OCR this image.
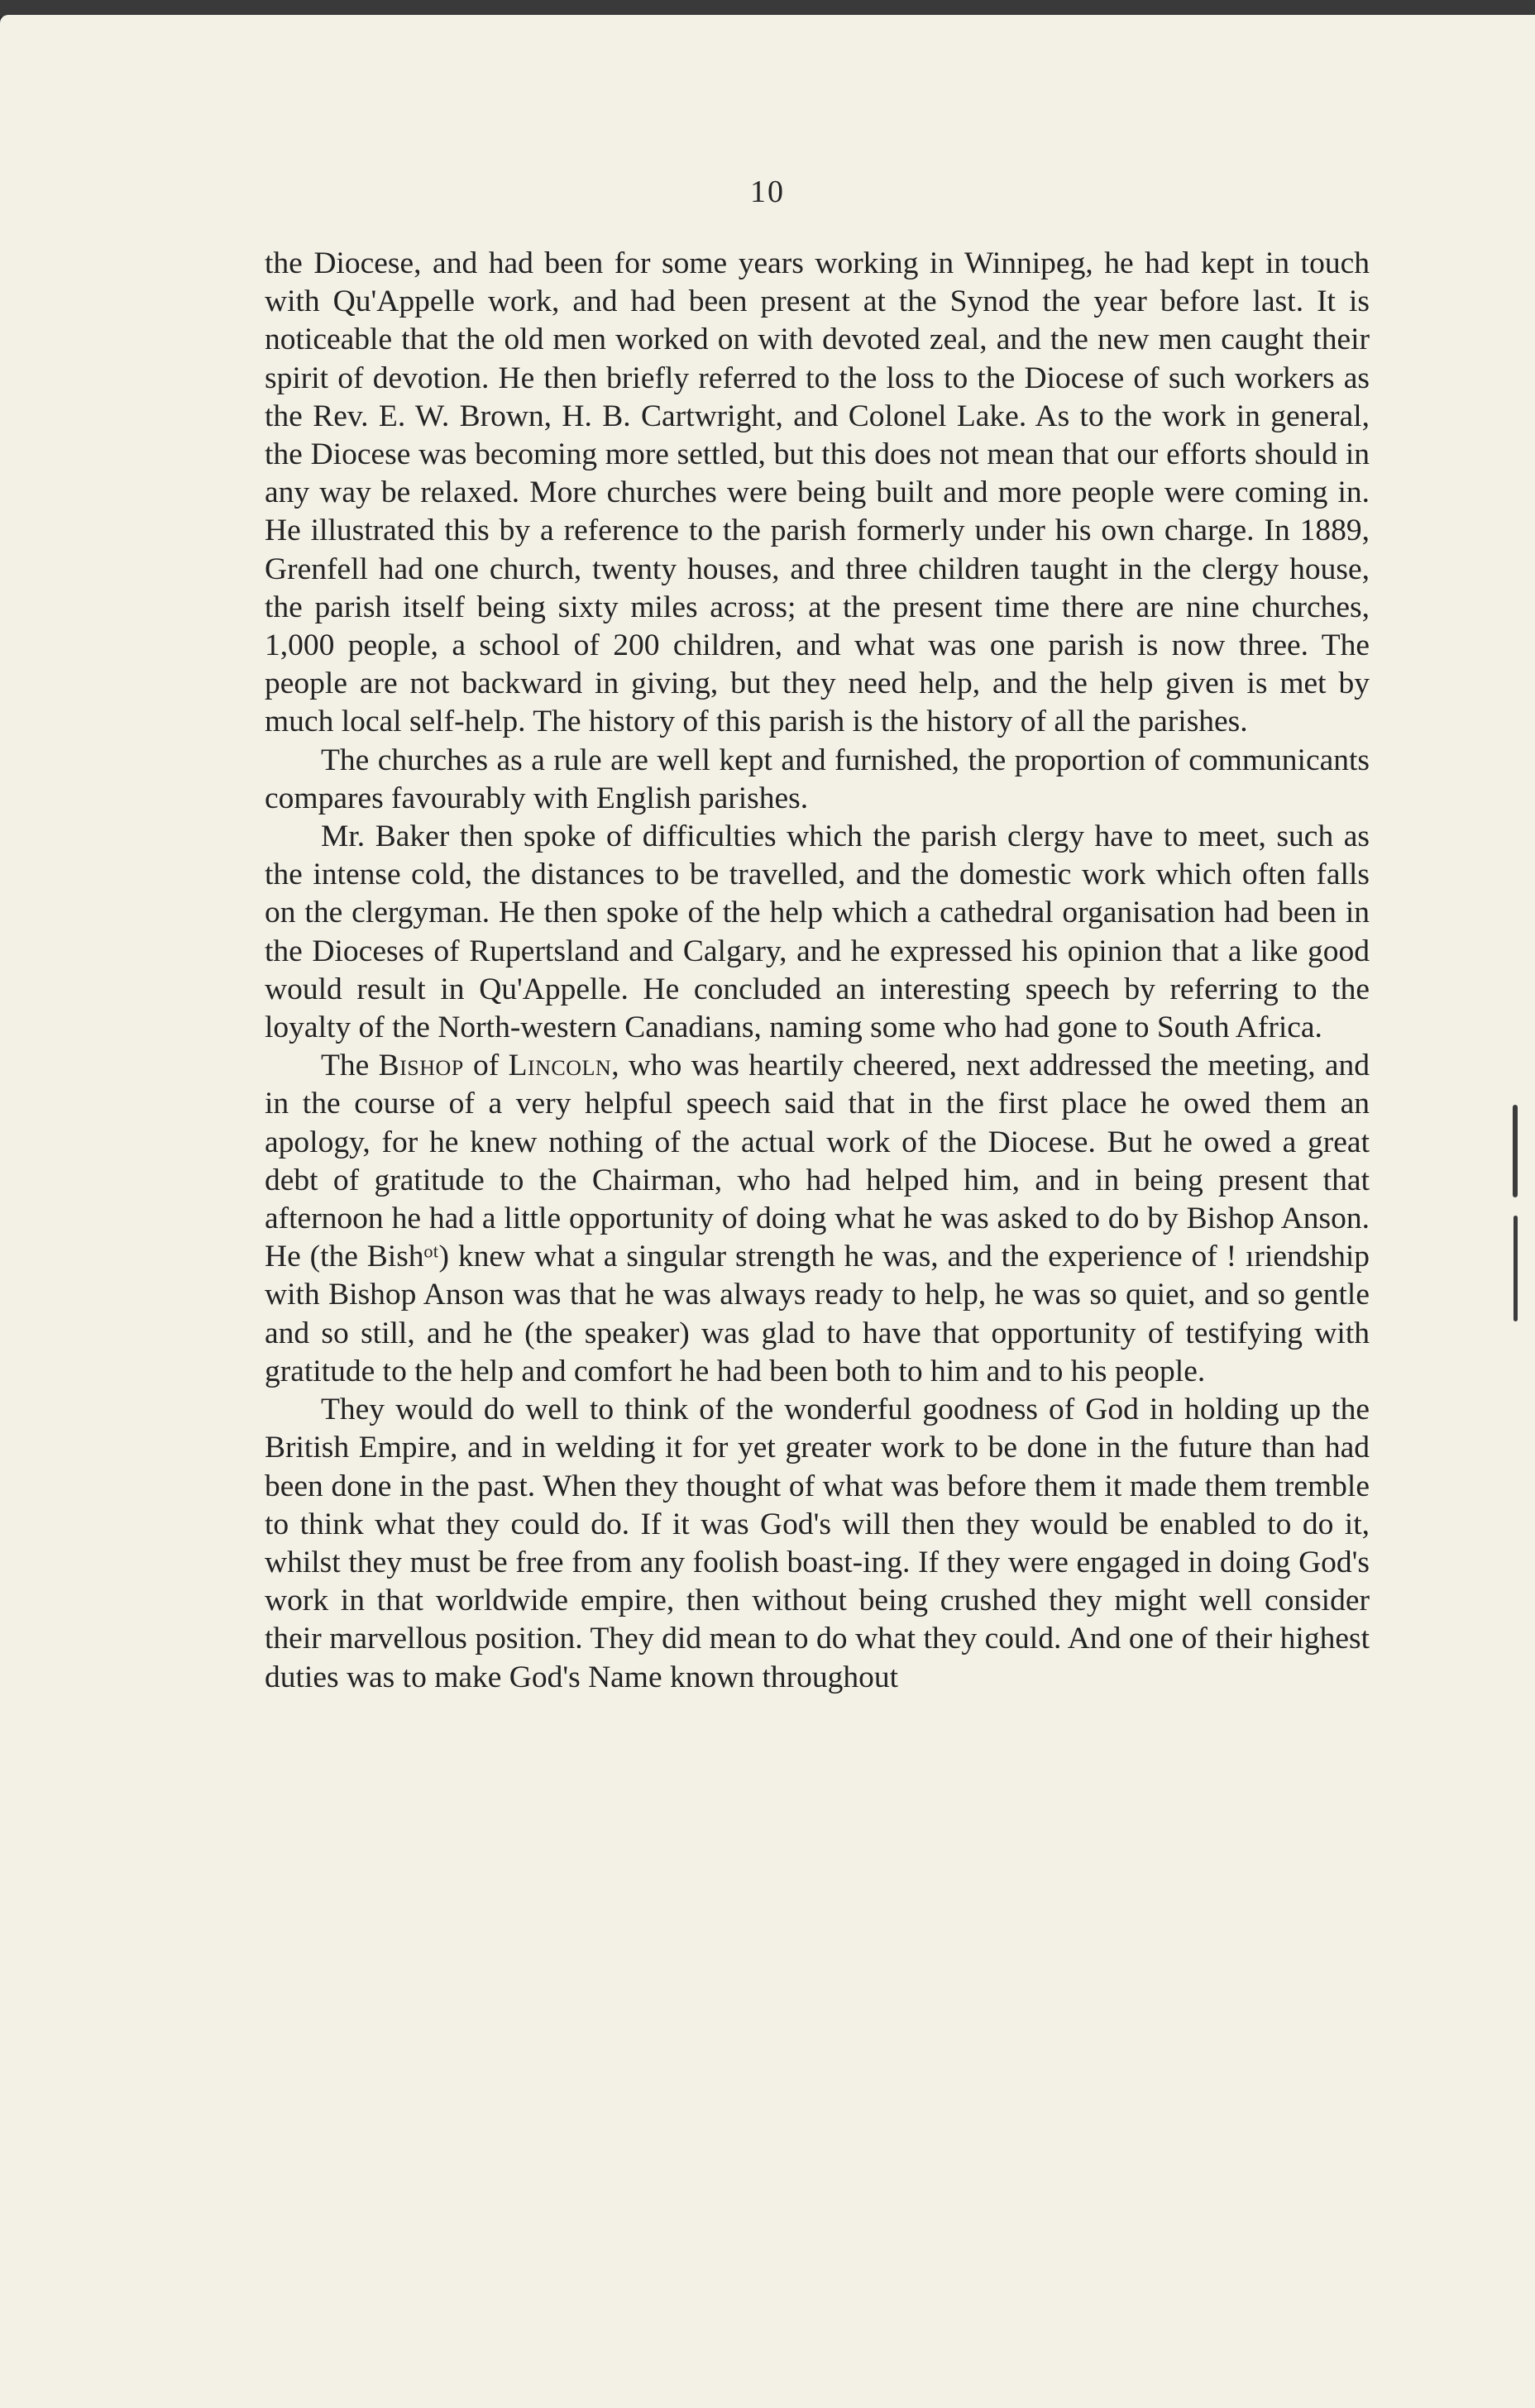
10

the Diocese, and had been for some years working in Winnipeg, he had kept in touch with Qu'Appelle work, and had been present at the Synod the year before last. It is noticeable that the old men worked on with devoted zeal, and the new men caught their spirit of devotion. He then briefly referred to the loss to the Diocese of such workers as the Rev. E. W. Brown, H. B. Cartwright, and Colonel Lake. As to the work in general, the Diocese was becoming more settled, but this does not mean that our efforts should in any way be relaxed. More churches were being built and more people were coming in. He illustrated this by a reference to the parish formerly under his own charge. In 1889, Grenfell had one church, twenty houses, and three children taught in the clergy house, the parish itself being sixty miles across; at the present time there are nine churches, 1,000 people, a school of 200 children, and what was one parish is now three. The people are not backward in giving, but they need help, and the help given is met by much local self-help. The history of this parish is the history of all the parishes.

The churches as a rule are well kept and furnished, the proportion of communicants compares favourably with English parishes.

Mr. Baker then spoke of difficulties which the parish clergy have to meet, such as the intense cold, the distances to be travelled, and the domestic work which often falls on the clergyman. He then spoke of the help which a cathedral organisation had been in the Dioceses of Rupertsland and Calgary, and he expressed his opinion that a like good would result in Qu'Appelle. He concluded an interesting speech by referring to the loyalty of the North-western Canadians, naming some who had gone to South Africa.

The Bishop of Lincoln, who was heartily cheered, next addressed the meeting, and in the course of a very helpful speech said that in the first place he owed them an apology, for he knew nothing of the actual work of the Diocese. But he owed a great debt of gratitude to the Chairman, who had helped him, and in being present that afternoon he had a little opportunity of doing what he was asked to do by Bishop Anson. He (the Bishᵒᵗ) knew what a singular strength he was, and the experience of ! ıriendship with Bishop Anson was that he was always ready to help, he was so quiet, and so gentle and so still, and he (the speaker) was glad to have that opportunity of testifying with gratitude to the help and comfort he had been both to him and to his people.

They would do well to think of the wonderful goodness of God in holding up the British Empire, and in welding it for yet greater work to be done in the future than had been done in the past. When they thought of what was before them it made them tremble to think what they could do. If it was God's will then they would be enabled to do it, whilst they must be free from any foolish boast-ing. If they were engaged in doing God's work in that worldwide empire, then without being crushed they might well consider their marvellous position. They did mean to do what they could. And one of their highest duties was to make God's Name known throughout
